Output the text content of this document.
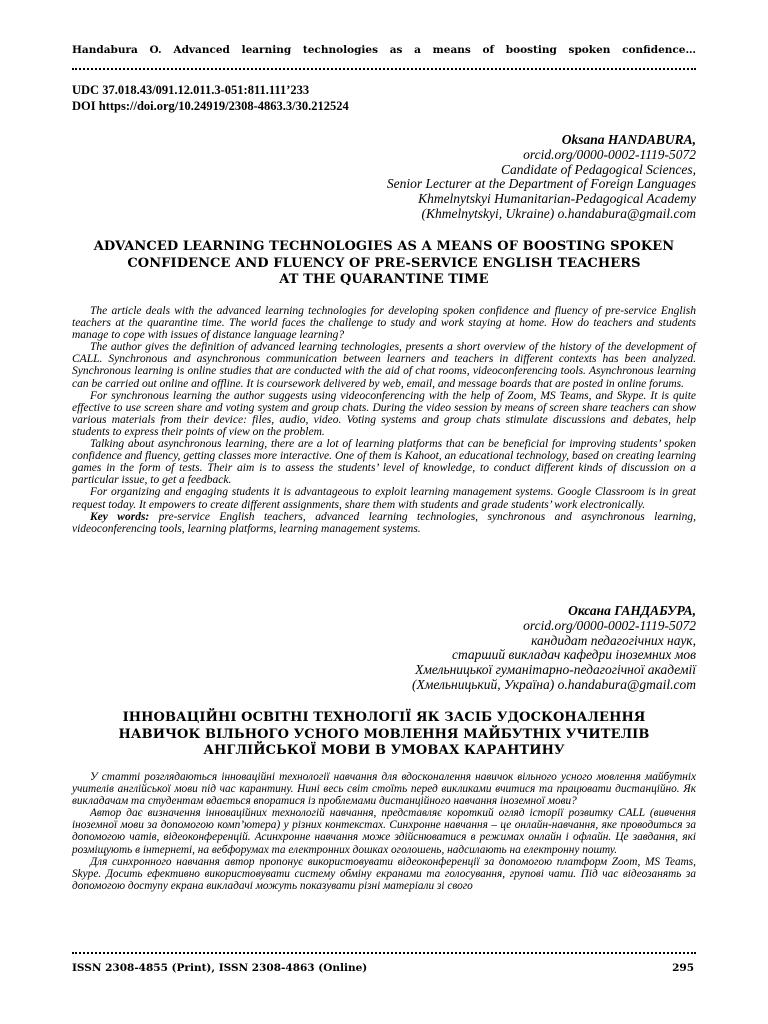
Handabura O. Advanced learning technologies as a means of boosting spoken confidence…
UDC 37.018.43/091.12.011.3-051:811.111’233
DOI https://doi.org/10.24919/2308-4863.3/30.212524
Oksana HANDABURA,
orcid.org/0000-0002-1119-5072
Candidate of Pedagogical Sciences,
Senior Lecturer at the Department of Foreign Languages
Khmelnytskyi Humanitarian-Pedagogical Academy
(Khmelnytskyi, Ukraine) o.handabura@gmail.com
ADVANCED LEARNING TECHNOLOGIES AS A MEANS OF BOOSTING SPOKEN
CONFIDENCE AND FLUENCY OF PRE-SERVICE ENGLISH TEACHERS
AT THE QUARANTINE TIME

The article deals with the advanced learning technologies for developing spoken confidence and fluency of pre-service English teachers at the quarantine time. The world faces the challenge to study and work staying at home. How do teachers and students manage to cope with issues of distance language learning?

The author gives the definition of advanced learning technologies, presents a short overview of the history of the development of CALL. Synchronous and asynchronous communication between learners and teachers in different contexts has been analyzed. Synchronous learning is online studies that are conducted with the aid of chat rooms, videoconferencing tools. Asynchronous learning can be carried out online and offline. It is coursework delivered by web, email, and message boards that are posted in online forums.

For synchronous learning the author suggests using videoconferencing with the help of Zoom, MS Teams, and Skype. It is quite effective to use screen share and voting system and group chats. During the video session by means of screen share teachers can show various materials from their device: files, audio, video. Voting systems and group chats stimulate discussions and debates, help students to express their points of view on the problem.

Talking about asynchronous learning, there are a lot of learning platforms that can be beneficial for improving students’ spoken confidence and fluency, getting classes more interactive. One of them is Kahoot, an educational technology, based on creating learning games in the form of tests. Their aim is to assess the students’ level of knowledge, to conduct different kinds of discussion on a particular issue, to get a feedback.

For organizing and engaging students it is advantageous to exploit learning management systems. Google Classroom is in great request today. It empowers to create different assignments, share them with students and grade students’ work electronically.

Key words: pre-service English teachers, advanced learning technologies, synchronous and asynchronous learning, videoconferencing tools, learning platforms, learning management systems.

Оксана ГАНДАБУРА,
orcid.org/0000-0002-1119-5072
кандидат педагогічних наук,
старший викладач кафедри іноземних мов
Хмельницької гуманітарно-педагогічної академії
(Хмельницький, Україна) o.handabura@gmail.com
ІННОВАЦІЙНІ ОСВІТНІ ТЕХНОЛОГІЇ ЯК ЗАСІБ УДОСКОНАЛЕННЯ
НАВИЧОК ВІЛЬНОГО УСНОГО МОВЛЕННЯ МАЙБУТНІХ УЧИТЕЛІВ
АНГЛІЙСЬКОЇ МОВИ В УМОВАХ КАРАНТИНУ

У статті розглядаються інноваційні технології навчання для вдосконалення навичок вільного усного мовлення майбутніх учителів англійської мови під час карантину. Нині весь світ стоїть перед викликами вчитися та працювати дистанційно. Як викладачам та студентам вдається впоратися із проблемами дистанційного навчання іноземної мови?

Автор дає визначення інноваційних технологій навчання, представляє короткий огляд історії розвитку CALL (вивчення іноземної мови за допомогою комп’ютера) у різних контекстах. Синхронне навчання – це онлайн-навчання, яке проводиться за допомогою чатів, відеоконференцій. Асинхронне навчання може здійснюватися в режимах онлайн і офлайн. Це завдання, які розміщують в інтернеті, на вебфорумах та електронних дошках оголошень, надсилають на електронну пошту.

Для синхронного навчання автор пропонує використовувати відеоконференції за допомогою платформ Zoom, MS Teams, Skype. Досить ефективно використовувати систему обміну екранами та голосування, групові чати. Під час відеозанять за допомогою доступу екрана викладачі можуть показувати різні матеріали зі свого

ISSN 2308-4855 (Print), ISSN 2308-4863 (Online)	295
